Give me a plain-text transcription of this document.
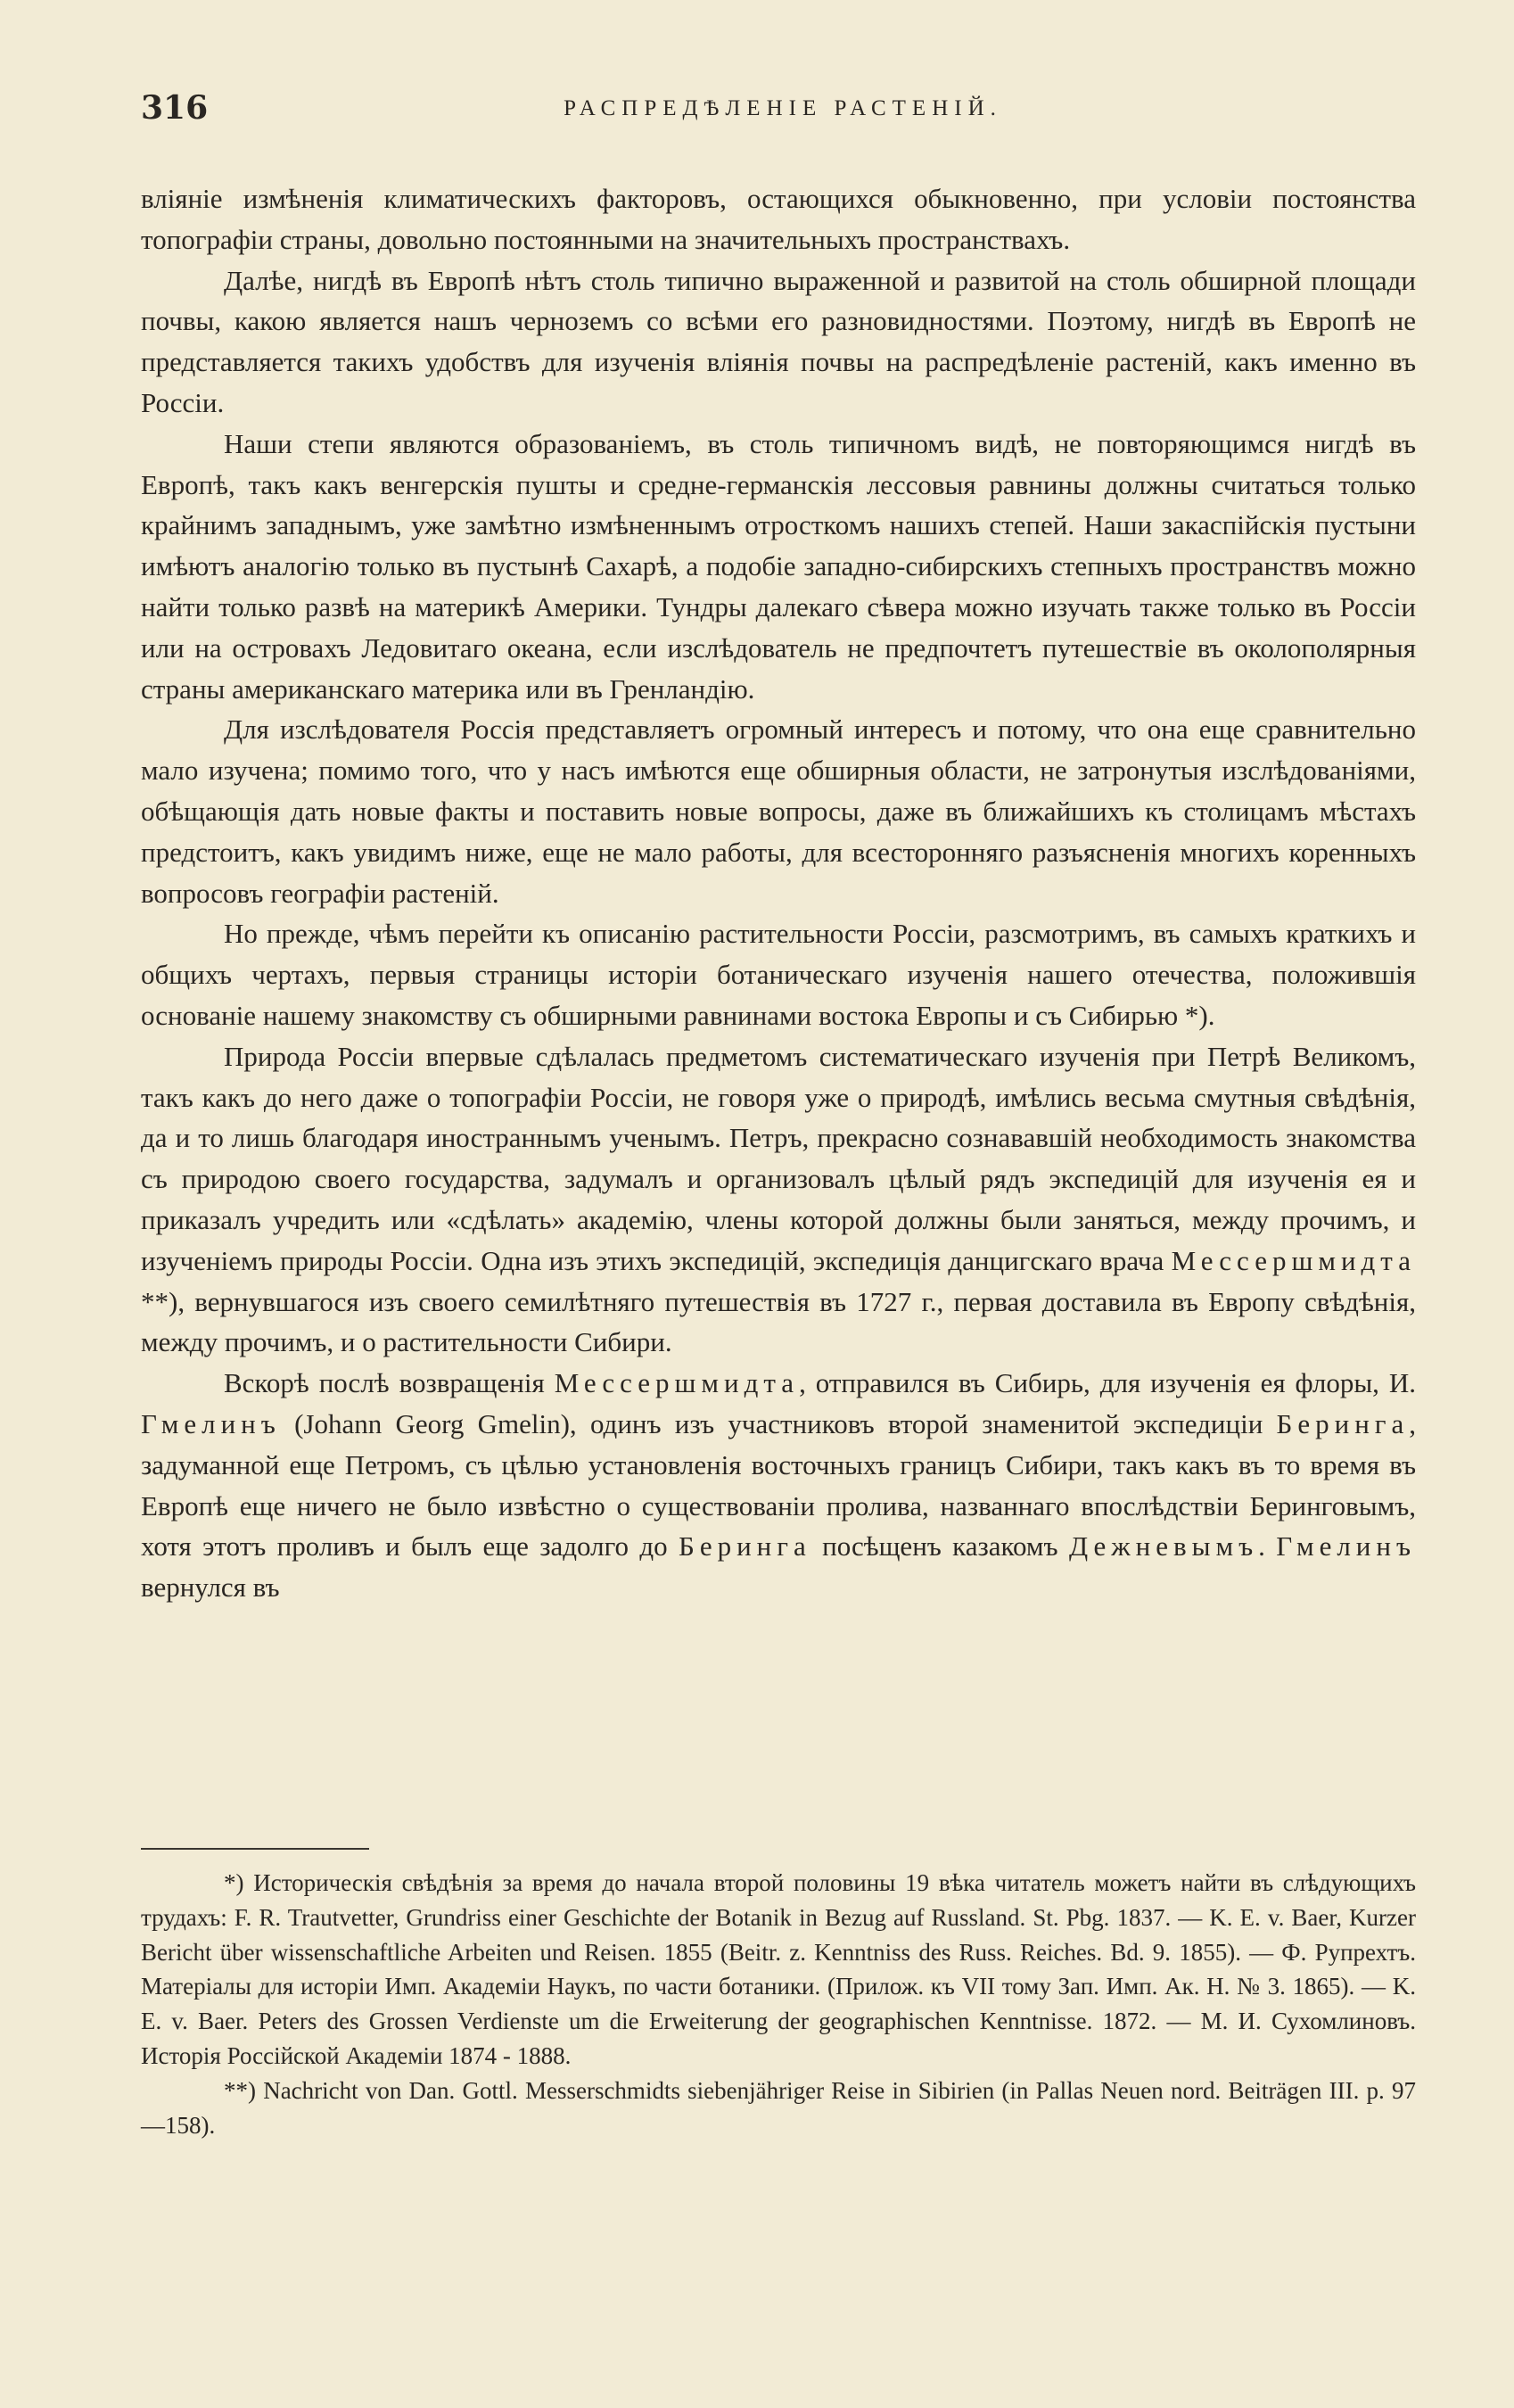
316	РАСПРЕДѢЛЕНІЕ РАСТЕНІЙ.

вліяніе измѣненія климатическихъ факторовъ, остающихся обыкновенно, при условіи постоянства топографіи страны, довольно постоянными на значительныхъ пространствахъ.

Далѣе, нигдѣ въ Европѣ нѣтъ столь типично выраженной и развитой на столь обширной площади почвы, какою является нашъ черноземъ со всѣми его разновидностями. Поэтому, нигдѣ въ Европѣ не представляется такихъ удобствъ для изученія вліянія почвы на распредѣленіе растеній, какъ именно въ Россіи.

Наши степи являются образованіемъ, въ столь типичномъ видѣ, не повторяющимся нигдѣ въ Европѣ, такъ какъ венгерскія пушты и средне-германскія лессовыя равнины должны считаться только крайнимъ западнымъ, уже замѣтно измѣненнымъ отросткомъ нашихъ степей. Наши закаспійскія пустыни имѣютъ аналогію только въ пустынѣ Сахарѣ, а подобіе западно-сибирскихъ степныхъ пространствъ можно найти только развѣ на материкѣ Америки. Тундры далекаго сѣвера можно изучать также только въ Россіи или на островахъ Ледовитаго океана, если изслѣдователь не предпочтетъ путешествіе въ околополярныя страны американскаго материка или въ Гренландію.

Для изслѣдователя Россія представляетъ огромный интересъ и потому, что она еще сравнительно мало изучена; помимо того, что у насъ имѣются еще обширныя области, не затронутыя изслѣдованіями, обѣщающія дать новые факты и поставить новые вопросы, даже въ ближайшихъ къ столицамъ мѣстахъ предстоитъ, какъ увидимъ ниже, еще не мало работы, для всесторонняго разъясненія многихъ коренныхъ вопросовъ географіи растеній.

Но прежде, чѣмъ перейти къ описанію растительности Россіи, разсмотримъ, въ самыхъ краткихъ и общихъ чертахъ, первыя страницы исторіи ботаническаго изученія нашего отечества, положившія основаніе нашему знакомству съ обширными равнинами востока Европы и съ Сибирью *).

Природа Россіи впервые сдѣлалась предметомъ систематическаго изученія при Петрѣ Великомъ, такъ какъ до него даже о топографіи Россіи, не говоря уже о природѣ, имѣлись весьма смутныя свѣдѣнія, да и то лишь благодаря иностраннымъ ученымъ. Петръ, прекрасно сознававшій необходимость знакомства съ природою своего государства, задумалъ и организовалъ цѣлый рядъ экспедицій для изученія ея и приказалъ учредить или «сдѣлать» академію, члены которой должны были заняться, между прочимъ, и изученіемъ природы Россіи. Одна изъ этихъ экспедицій, экспедиція данцигскаго врача Мессершмидта **), вернувшагося изъ своего семилѣтняго путешествія въ 1727 г., первая доставила въ Европу свѣдѣнія, между прочимъ, и о растительности Сибири.

Вскорѣ послѣ возвращенія Мессершмидта, отправился въ Сибирь, для изученія ея флоры, И. Гмелинъ (Johann Georg Gmelin), одинъ изъ участниковъ второй знаменитой экспедиціи Беринга, задуманной еще Петромъ, съ цѣлью установленія восточныхъ границъ Сибири, такъ какъ въ то время въ Европѣ еще ничего не было извѣстно о существованіи пролива, названнаго впослѣдствіи Беринговымъ, хотя этотъ проливъ и былъ еще задолго до Беринга посѣщенъ казакомъ Дежневымъ. Гмелинъ вернулся въ

*) Историческія свѣдѣнія за время до начала второй половины 19 вѣка читатель можетъ найти въ слѣдующихъ трудахъ: F. R. Trautvetter, Grundriss einer Geschichte der Botanik in Bezug auf Russland. St. Pbg. 1837. — K. E. v. Baer, Kurzer Bericht über wissenschaftliche Arbeiten und Reisen. 1855 (Beitr. z. Kenntniss des Russ. Reiches. Bd. 9. 1855). — Ф. Рупрехтъ. Матеріалы для исторіи Имп. Академіи Наукъ, по части ботаники. (Прилож. къ VII тому Зап. Имп. Ак. Н. № 3. 1865). — K. E. v. Baer. Peters des Grossen Verdienste um die Erweiterung der geographischen Kenntnisse. 1872. — М. И. Сухомлиновъ. Исторія Россійской Академіи 1874 - 1888.

**) Nachricht von Dan. Gottl. Messerschmidts siebenjähriger Reise in Sibirien (in Pallas Neuen nord. Beiträgen III. p. 97—158).
